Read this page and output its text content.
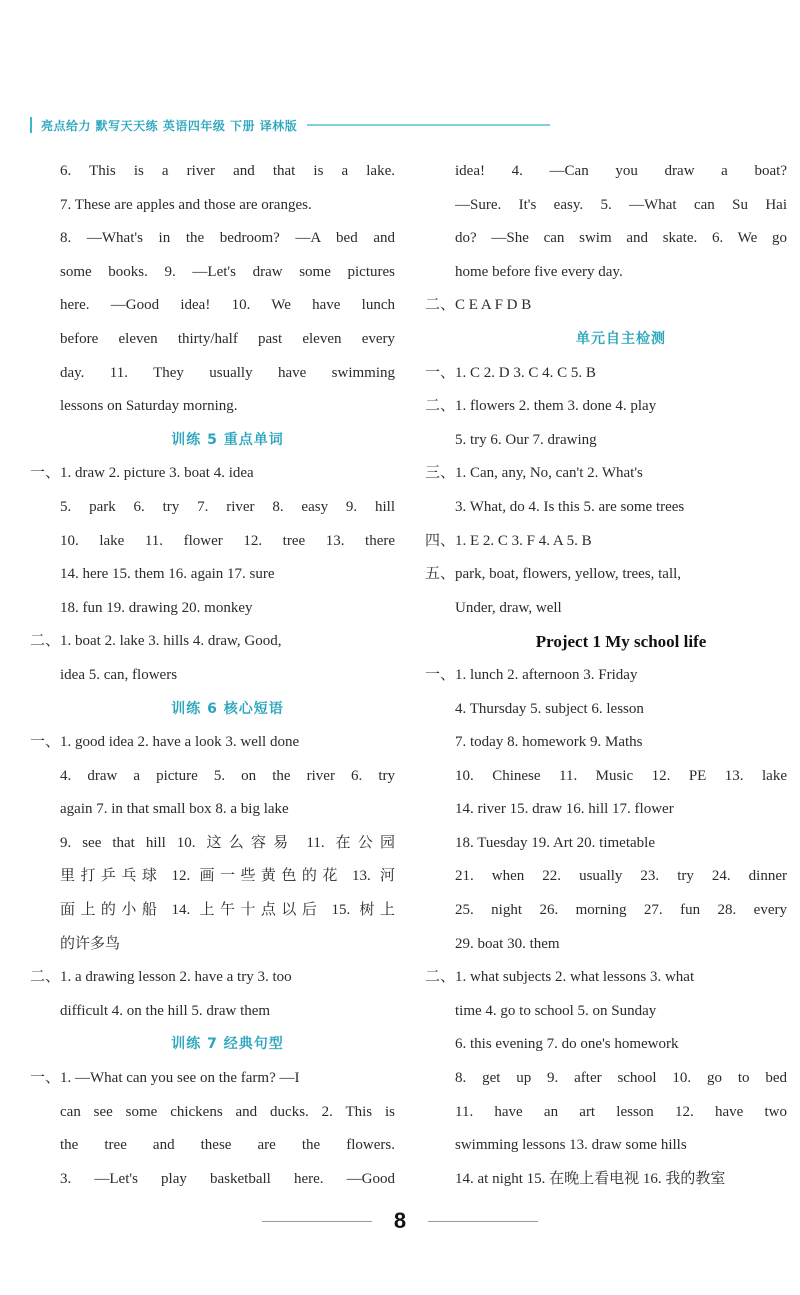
亮点给力 默写天天练 英语四年级 下册 译林版
6. This is a river and that is a lake.
7. These are apples and those are oranges.
8. —What's in the bedroom? —A bed and
some books. 9. —Let's draw some pictures
here. —Good idea! 10. We have lunch
before eleven thirty/half past eleven every
day. 11. They usually have swimming
lessons on Saturday morning.
训练 5 重点单词
一、1. draw 2. picture 3. boat 4. idea
5. park 6. try 7. river 8. easy 9. hill
10. lake 11. flower 12. tree 13. there
14. here 15. them 16. again 17. sure
18. fun 19. drawing 20. monkey
二、1. boat 2. lake 3. hills 4. draw, Good,
idea 5. can, flowers
训练 6 核心短语
一、1. good idea 2. have a look 3. well done
4. draw a picture 5. on the river 6. try
again 7. in that small box 8. a big lake
9. see that hill 10. 这么容易 11. 在公园
里打乒乓球 12. 画一些黄色的花 13. 河
面上的小船 14. 上午十点以后 15. 树上
的许多鸟
二、1. a drawing lesson 2. have a try 3. too
difficult 4. on the hill 5. draw them
训练 7 经典句型
一、1. —What can you see on the farm? —I
can see some chickens and ducks. 2. This is
the tree and these are the flowers.
3. —Let's play basketball here. —Good
idea! 4. —Can you draw a boat?
—Sure. It's easy. 5. —What can Su Hai
do? —She can swim and skate. 6. We go
home before five every day.
二、C E A F D B
单元自主检测
一、1. C 2. D 3. C 4. C 5. B
二、1. flowers 2. them 3. done 4. play
5. try 6. Our 7. drawing
三、1. Can, any, No, can't 2. What's
3. What, do 4. Is this 5. are some trees
四、1. E 2. C 3. F 4. A 5. B
五、park, boat, flowers, yellow, trees, tall,
Under, draw, well
Project 1 My school life
一、1. lunch 2. afternoon 3. Friday
4. Thursday 5. subject 6. lesson
7. today 8. homework 9. Maths
10. Chinese 11. Music 12. PE 13. lake
14. river 15. draw 16. hill 17. flower
18. Tuesday 19. Art 20. timetable
21. when 22. usually 23. try 24. dinner
25. night 26. morning 27. fun 28. every
29. boat 30. them
二、1. what subjects 2. what lessons 3. what
time 4. go to school 5. on Sunday
6. this evening 7. do one's homework
8. get up 9. after school 10. go to bed
11. have an art lesson 12. have two
swimming lessons 13. draw some hills
14. at night 15. 在晚上看电视 16. 我的教室
8
